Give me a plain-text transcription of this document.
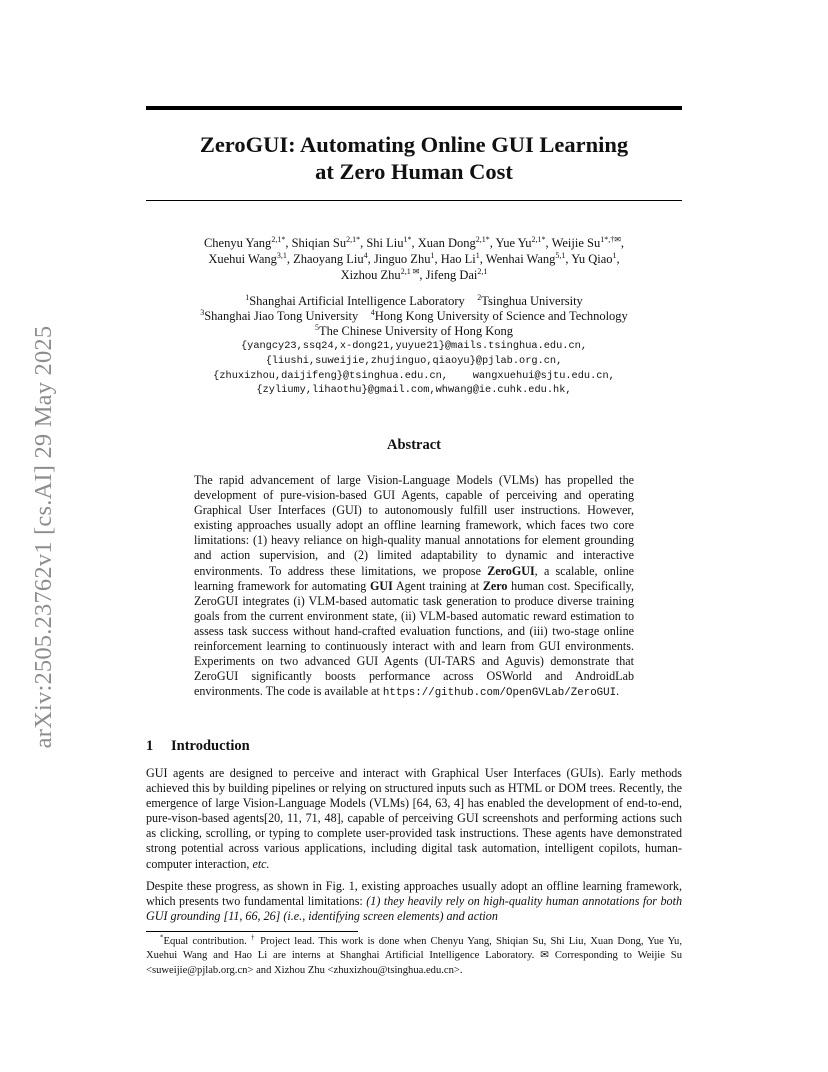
arXiv:2505.23762v1 [cs.AI] 29 May 2025
ZeroGUI: Automating Online GUI Learning
at Zero Human Cost
Chenyu Yang$^{2,1*}$, Shiqian $Su^{2,1*}$, Shi Liu$^{1*}$, Xuan Dong$^{2,1*}$, Yue $Yu^{2,1*}$, Weijie $Su^{1*,\dagger✉}$,
Xuehui Wang$^{3,1}$, Zhaoyang Liu$^4$, Jinguo Zhu$^1$, Hao Li$^1$, Wenhai Wang$^{5,1}$, Yu Qiao$^1$,
Xizhou Zhu$^{2,1 ✉}$, Jifeng Dai$^{2,1}$
$^1$Shanghai Artificial Intelligence Laboratory $^2$Tsinghua University
$^3$Shanghai Jiao Tong University $^4$Hong Kong University of Science and Technology
$^5$The Chinese University of Hong Kong
{yangcy23,ssq24,x-dong21,yuyue21}@mails.tsinghua.edu.cn,
{liushi,suweijie,zhujinguo,qiaoyu}@pjlab.org.cn,
{zhuxizhou,daijifeng}@tsinghua.edu.cn,    wangxuehui@sjtu.edu.cn,
{zyliumy,lihaothu}@gmail.com,whwang@ie.cuhk.edu.hk,
Abstract
The rapid advancement of large Vision-Language Models (VLMs) has propelled the development of pure-vision-based GUI Agents, capable of perceiving and operating Graphical User Interfaces (GUI) to autonomously fulfill user instructions. However, existing approaches usually adopt an offline learning framework, which faces two core limitations: (1) heavy reliance on high-quality manual annotations for element grounding and action supervision, and (2) limited adaptability to dynamic and interactive environments. To address these limitations, we propose ZeroGUI, a scalable, online learning framework for automating GUI Agent training at Zero human cost. Specifically, ZeroGUI integrates (i) VLM-based automatic task generation to produce diverse training goals from the current environment state, (ii) VLM-based automatic reward estimation to assess task success without hand-crafted evaluation functions, and (iii) two-stage online reinforcement learning to continuously interact with and learn from GUI environments. Experiments on two advanced GUI Agents (UI-TARS and Aguvis) demonstrate that ZeroGUI significantly boosts performance across OSWorld and AndroidLab environments. The code is available at https://github.com/OpenGVLab/ZeroGUI.
1 Introduction
GUI agents are designed to perceive and interact with Graphical User Interfaces (GUIs). Early methods achieved this by building pipelines or relying on structured inputs such as HTML or DOM trees. Recently, the emergence of large Vision-Language Models (VLMs) [64, 63, 4] has enabled the development of end-to-end, pure-vison-based agents[20, 11, 71, 48], capable of perceiving GUI screenshots and performing actions such as clicking, scrolling, or typing to complete user-provided task instructions. These agents have demonstrated strong potential across various applications, including digital task automation, intelligent copilots, human-computer interaction, etc.
Despite these progress, as shown in Fig. 1, existing approaches usually adopt an offline learning framework, which presents two fundamental limitations: (1) they heavily rely on high-quality human annotations for both GUI grounding [11, 66, 26] (i.e., identifying screen elements) and action
*Equal contribution. † Project lead. This work is done when Chenyu Yang, Shiqian Su, Shi Liu, Xuan Dong, Yue Yu, Xuehui Wang and Hao Li are interns at Shanghai Artificial Intelligence Laboratory. ✉ Corresponding to Weijie Su <suweijie@pjlab.org.cn> and Xizhou Zhu <zhuxizhou@tsinghua.edu.cn>.
